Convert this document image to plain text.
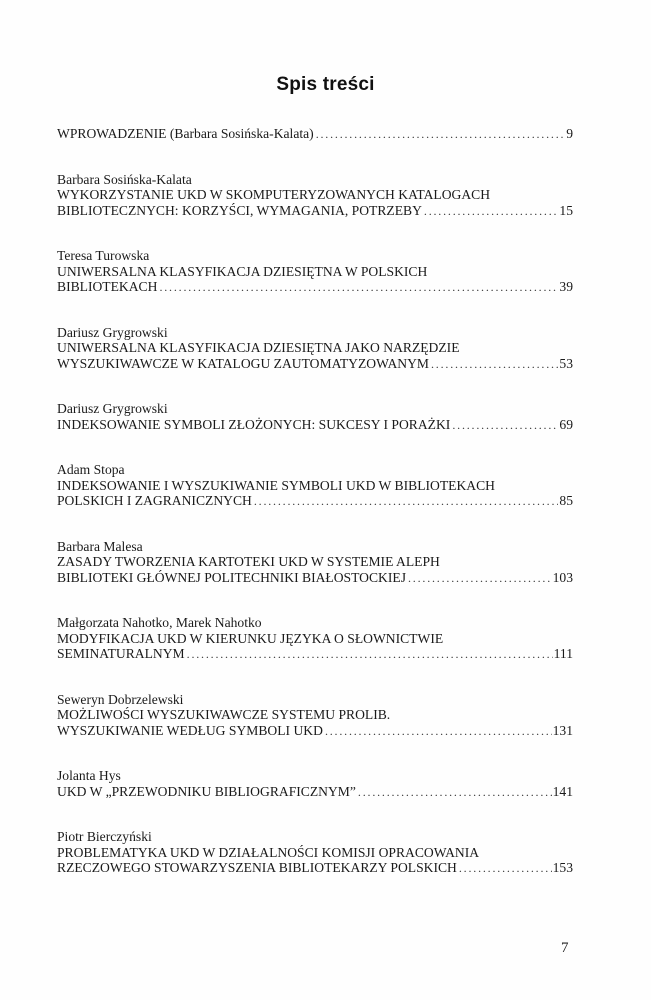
Spis treści
WPROWADZENIE (Barbara Sosińska-Kalata) . . .	9
Barbara Sosińska-Kalata
WYKORZYSTANIE UKD W SKOMPUTERYZOWANYCH KATALOGACH
BIBLIOTECZNYCH: KORZYŚCI, WYMAGANIA, POTRZEBY . . .	15
Teresa Turowska
UNIWERSALNA KLASYFIKACJA DZIESIĘTNA W POLSKICH
BIBLIOTEKACH . . .	39
Dariusz Grygrowski
UNIWERSALNA KLASYFIKACJA DZIESIĘTNA JAKO NARZĘDZIE
WYSZUKIWAWCZE W KATALOGU ZAUTOMATYZOWANYM . . .	53
Dariusz Grygrowski
INDEKSOWANIE SYMBOLI ZŁOŻONYCH: SUKCESY I PORAŻKI . . .	69
Adam Stopa
INDEKSOWANIE I WYSZUKIWANIE SYMBOLI UKD W BIBLIOTEKACH
POLSKICH I ZAGRANICZNYCH . . .	85
Barbara Malesa
ZASADY TWORZENIA KARTOTEKI UKD W SYSTEMIE ALEPH
BIBLIOTEKI GŁÓWNEJ POLITECHNIKI BIAŁOSTOCKIEJ . . .	103
Małgorzata Nahotko, Marek Nahotko
MODYFIKACJA UKD W KIERUNKU JĘZYKA O SŁOWNICTWIE
SEMINATURALNYM . . .	111
Seweryn Dobrzelewski
MOŻLIWOŚCI WYSZUKIWAWCZE SYSTEMU PROLIB.
WYSZUKIWANIE WEDŁUG SYMBOLI UKD . . .	131
Jolanta Hys
UKD W „PRZEWODNIKU BIBLIOGRAFICZNYM” . . .	141
Piotr Bierczyński
PROBLEMATYKA UKD W DZIAŁALNOŚCI KOMISJI OPRACOWANIA
RZECZOWEGO STOWARZYSZENIA BIBLIOTEKARZY POLSKICH . . .	153
7
